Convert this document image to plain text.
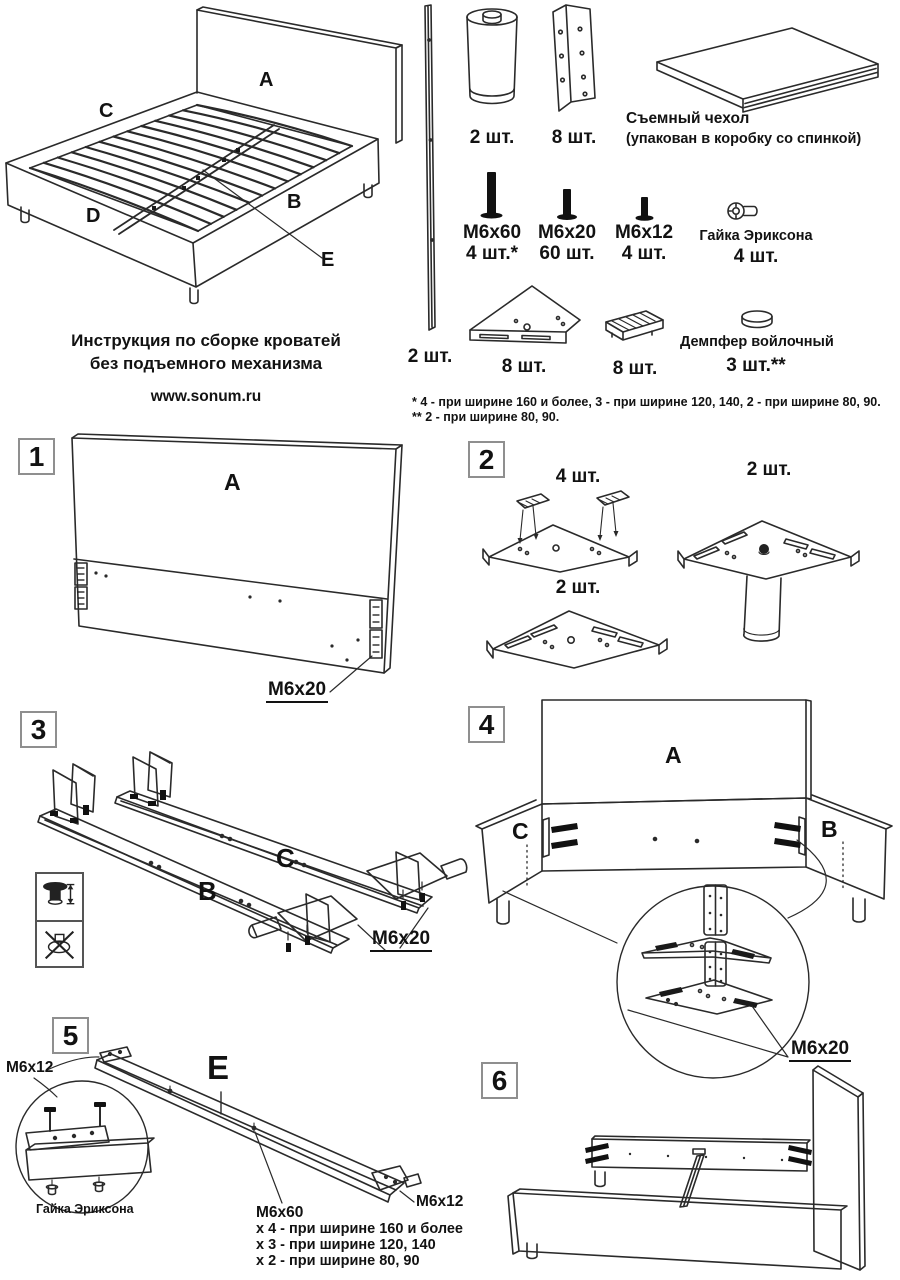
Инструкция по сборке кроватей
без подъемного механизма
www.sonum.ru
A
C
B
D
E
2 шт.
2 шт.	8 шт.
Съемный чехол
(упакован в коробку со спинкой)
M6x60
4 шт.*
M6x20
60 шт.
M6x12
4 шт.
Гайка Эриксона
4 шт.
8 шт.	8 шт.
Демпфер войлочный
3 шт.**
* 4 - при ширине 160 и более, 3 - при ширине 120, 140, 2 - при ширине 80, 90.
** 2 - при ширине 80, 90.
1
A
M6x20
2
4 шт.	2 шт.
2 шт.
3
C
B
M6x20
4
A
C	B
M6x20
5
M6x12	E
M6x12
Гайка Эриксона	M6x60
x 4 - при ширине 160 и более
x 3 - при ширине 120, 140
x 2 - при ширине 80, 90
6
